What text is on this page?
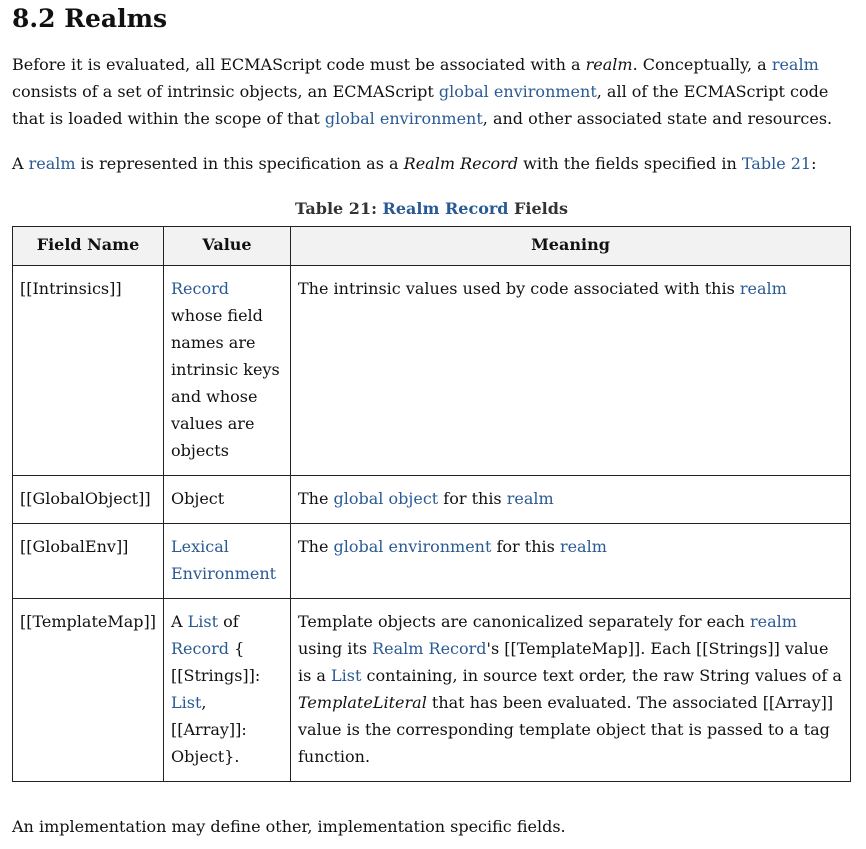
8.2 Realms

Before it is evaluated, all ECMAScript code must be associated with a realm. Conceptually, a realm consists of a set of intrinsic objects, an ECMAScript global environment, all of the ECMAScript code that is loaded within the scope of that global environment, and other associated state and resources.

A realm is represented in this specification as a Realm Record with the fields specified in Table 21:

Table 21: Realm Record Fields
Field Name	Value	Meaning
[[Intrinsics]]	Record whose field names are intrinsic keys and whose values are objects	The intrinsic values used by code associated with this realm
[[GlobalObject]]	Object	The global object for this realm
[[GlobalEnv]]	Lexical Environment	The global environment for this realm
[[TemplateMap]]	A List of Record { [[Strings]]: List, [[Array]]: Object}.	Template objects are canonicalized separately for each realm using its Realm Record's [[TemplateMap]]. Each [[Strings]] value is a List containing, in source text order, the raw String values of a TemplateLiteral that has been evaluated. The associated [[Array]] value is the corresponding template object that is passed to a tag function.

An implementation may define other, implementation specific fields.
